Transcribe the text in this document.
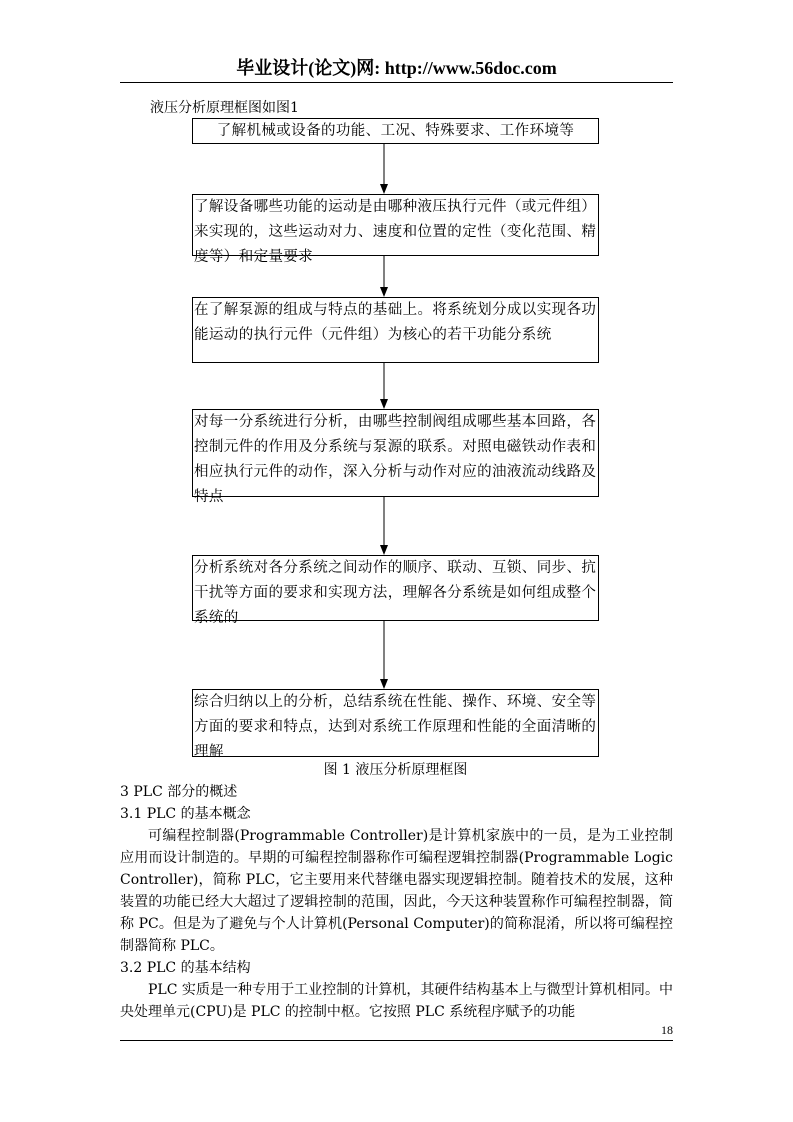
毕业设计(论文)网: http://www.56doc.com
液压分析原理框图如图1
了解机械或设备的功能、工况、特殊要求、工作环境等
了解设备哪些功能的运动是由哪种液压执行元件（或元件组）来实现的，这些运动对力、速度和位置的定性（变化范围、精度等）和定量要求
在了解泵源的组成与特点的基础上。将系统划分成以实现各功能运动的执行元件（元件组）为核心的若干功能分系统
对每一分系统进行分析，由哪些控制阀组成哪些基本回路，各控制元件的作用及分系统与泵源的联系。对照电磁铁动作表和相应执行元件的动作，深入分析与动作对应的油液流动线路及特点
分析系统对各分系统之间动作的顺序、联动、互锁、同步、抗干扰等方面的要求和实现方法，理解各分系统是如何组成整个系统的
综合归纳以上的分析，总结系统在性能、操作、环境、安全等方面的要求和特点，达到对系统工作原理和性能的全面清晰的理解
图 1 液压分析原理框图
3 PLC 部分的概述
3.1 PLC 的基本概念
可编程控制器(Programmable Controller)是计算机家族中的一员，是为工业控制应用而设计制造的。早期的可编程控制器称作可编程逻辑控制器(Programmable Logic Controller)，简称 PLC，它主要用来代替继电器实现逻辑控制。随着技术的发展，这种装置的功能已经大大超过了逻辑控制的范围，因此，今天这种装置称作可编程控制器，简称 PC。但是为了避免与个人计算机(Personal Computer)的简称混淆，所以将可编程控制器简称 PLC。
3.2 PLC 的基本结构
PLC 实质是一种专用于工业控制的计算机，其硬件结构基本上与微型计算机相同。中央处理单元(CPU)是 PLC 的控制中枢。它按照 PLC 系统程序赋予的功能
18
